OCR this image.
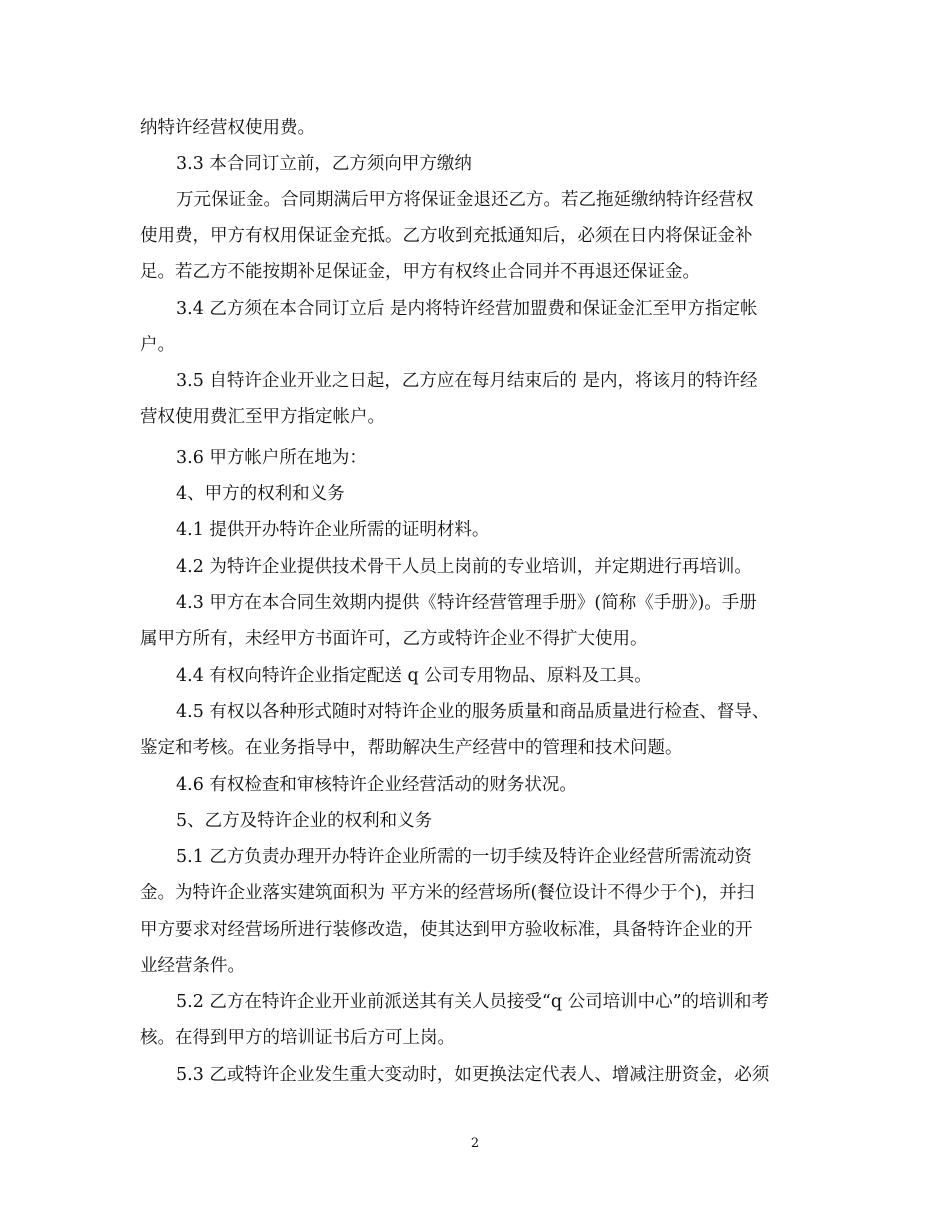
纳特许经营权使用费。
3.3 本合同订立前，乙方须向甲方缴纳
万元保证金。合同期满后甲方将保证金退还乙方。若乙拖延缴纳特许经营权
使用费，甲方有权用保证金充抵。乙方收到充抵通知后，必须在日内将保证金补
足。若乙方不能按期补足保证金，甲方有权终止合同并不再退还保证金。
3.4 乙方须在本合同订立后 是内将特许经营加盟费和保证金汇至甲方指定帐
户。
3.5 自特许企业开业之日起，乙方应在每月结束后的 是内，将该月的特许经
营权使用费汇至甲方指定帐户。
3.6 甲方帐户所在地为：
4、甲方的权利和义务
4.1 提供开办特许企业所需的证明材料。
4.2 为特许企业提供技术骨干人员上岗前的专业培训，并定期进行再培训。
4.3 甲方在本合同生效期内提供《特许经营管理手册》(简称《手册》)。手册
属甲方所有，未经甲方书面许可，乙方或特许企业不得扩大使用。
4.4 有权向特许企业指定配送 q 公司专用物品、原料及工具。
4.5 有权以各种形式随时对特许企业的服务质量和商品质量进行检查、督导、
鉴定和考核。在业务指导中，帮助解决生产经营中的管理和技术问题。
4.6 有权检查和审核特许企业经营活动的财务状况。
5、乙方及特许企业的权利和义务
5.1 乙方负责办理开办特许企业所需的一切手续及特许企业经营所需流动资
金。为特许企业落实建筑面积为 平方米的经营场所(餐位设计不得少于个)，并扫
甲方要求对经营场所进行装修改造，使其达到甲方验收标准，具备特许企业的开
业经营条件。
5.2 乙方在特许企业开业前派送其有关人员接受“q 公司培训中心”的培训和考
核。在得到甲方的培训证书后方可上岗。
5.3 乙或特许企业发生重大变动时，如更换法定代表人、增减注册资金，必须
2
